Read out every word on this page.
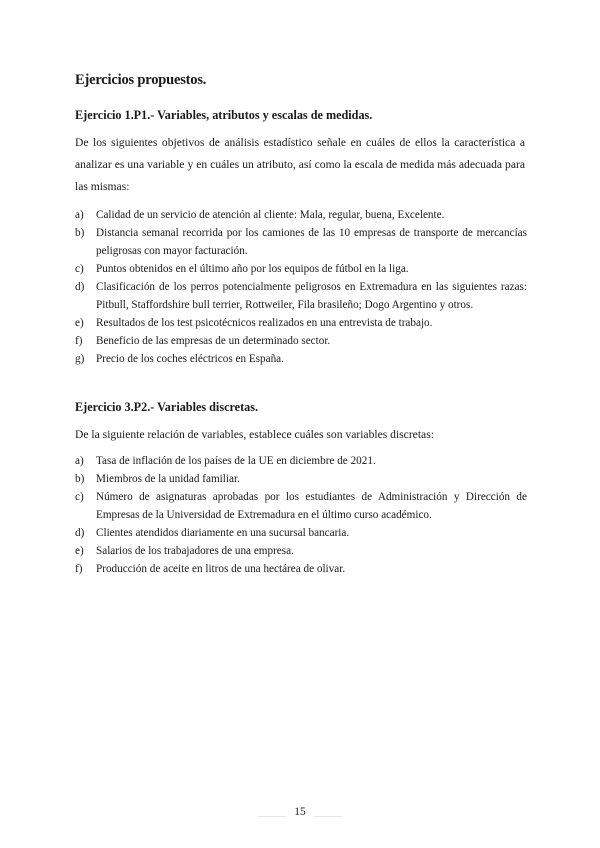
Ejercicios propuestos.
Ejercicio 1.P1.- Variables, atributos y escalas de medidas.
De los siguientes objetivos de análisis estadístico señale en cuáles de ellos la característica a analizar es una variable y en cuáles un atributo, así como la escala de medida más adecuada para las mismas:
a) Calidad de un servicio de atención al cliente: Mala, regular, buena, Excelente.
b) Distancia semanal recorrida por los camiones de las 10 empresas de transporte de mercancías peligrosas con mayor facturación.
c) Puntos obtenidos en el último año por los equipos de fútbol en la liga.
d) Clasificación de los perros potencialmente peligrosos en Extremadura en las siguientes razas: Pitbull, Staffordshire bull terrier, Rottweiler, Fila brasileño; Dogo Argentino y otros.
e) Resultados de los test psicotécnicos realizados en una entrevista de trabajo.
f) Beneficio de las empresas de un determinado sector.
g) Precio de los coches eléctricos en España.
Ejercicio 3.P2.- Variables discretas.
De la siguiente relación de variables, establece cuáles son variables discretas:
a) Tasa de inflación de los países de la UE en diciembre de 2021.
b) Miembros de la unidad familiar.
c) Número de asignaturas aprobadas por los estudiantes de Administración y Dirección de Empresas de la Universidad de Extremadura en el último curso académico.
d) Clientes atendidos diariamente en una sucursal bancaria.
e) Salarios de los trabajadores de una empresa.
f) Producción de aceite en litros de una hectárea de olivar.
15
